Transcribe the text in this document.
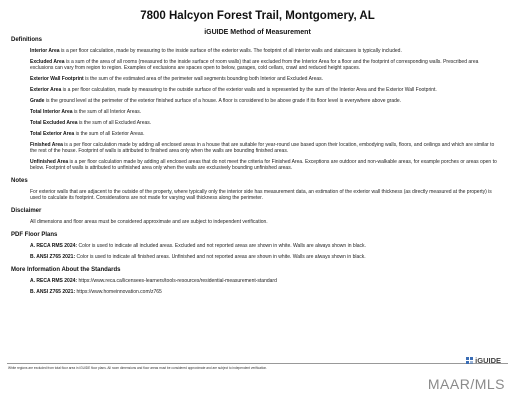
7800 Halcyon Forest Trail, Montgomery, AL
iGUIDE Method of Measurement
Definitions

Interior Area is a per floor calculation, made by measuring to the inside surface of the exterior walls. The footprint of all interior walls and staircases is typically included.

Excluded Area is a sum of the area of all rooms (measured to the inside surface of room walls) that are excluded from the Interior Area for a floor and the footprint of corresponding walls. Prescribed area exclusions can vary from region to region. Examples of exclusions are spaces open to below, garages, cold cellars, crawl and reduced height spaces.

Exterior Wall Footprint is the sum of the estimated area of the perimeter wall segments bounding both Interior and Excluded Areas.

Exterior Area is a per floor calculation, made by measuring to the outside surface of the exterior walls and is represented by the sum of the Interior Area and the Exterior Wall Footprint.

Grade is the ground level at the perimeter of the exterior finished surface of a house. A floor is considered to be above grade if its floor level is everywhere above grade.

Total Interior Area is the sum of all Interior Areas.

Total Excluded Area is the sum of all Excluded Areas.

Total Exterior Area is the sum of all Exterior Areas.

Finished Area is a per floor calculation made by adding all enclosed areas in a house that are suitable for year-round use based upon their location, embodying walls, floors, and ceilings and which are similar to the rest of the house. Footprint of walls is attributed to finished area only when the walls are bounding finished areas.

Unfinished Area is a per floor calculation made by adding all enclosed areas that do not meet the criteria for Finished Area. Exceptions are outdoor and non-walkable areas, for example porches or areas open to below. Footprint of walls is attributed to unfinished area only when the walls are exclusively bounding unfinished areas.

Notes

For exterior walls that are adjacent to the outside of the property, where typically only the interior side has measurement data, an estimation of the exterior wall thickness (as directly measured at the property) is used to calculate its footprint. Considerations are not made for varying wall thickness along the perimeter.

Disclaimer

All dimensions and floor areas must be considered approximate and are subject to independent verification.

PDF Floor Plans

A. RECA RMS 2024: Color is used to indicate all included areas. Excluded and not reported areas are shown in white. Walls are always shown in black.

B. ANSI Z765 2021: Color is used to indicate all finished areas. Unfinished and not reported areas are shown in white. Walls are always shown in black.

More Information About the Standards

A. RECA RMS 2024: https://www.reca.ca/licensees-learners/tools-resources/residential-measurement-standard

B. ANSI Z765 2021: https://www.homeinnovation.com/z765

White regions are excluded from total floor area in iGUIDE floor plans. All room dimensions and floor areas must be considered approximate and are subject to independent verification.
iGUIDE
MAAR/MLS
